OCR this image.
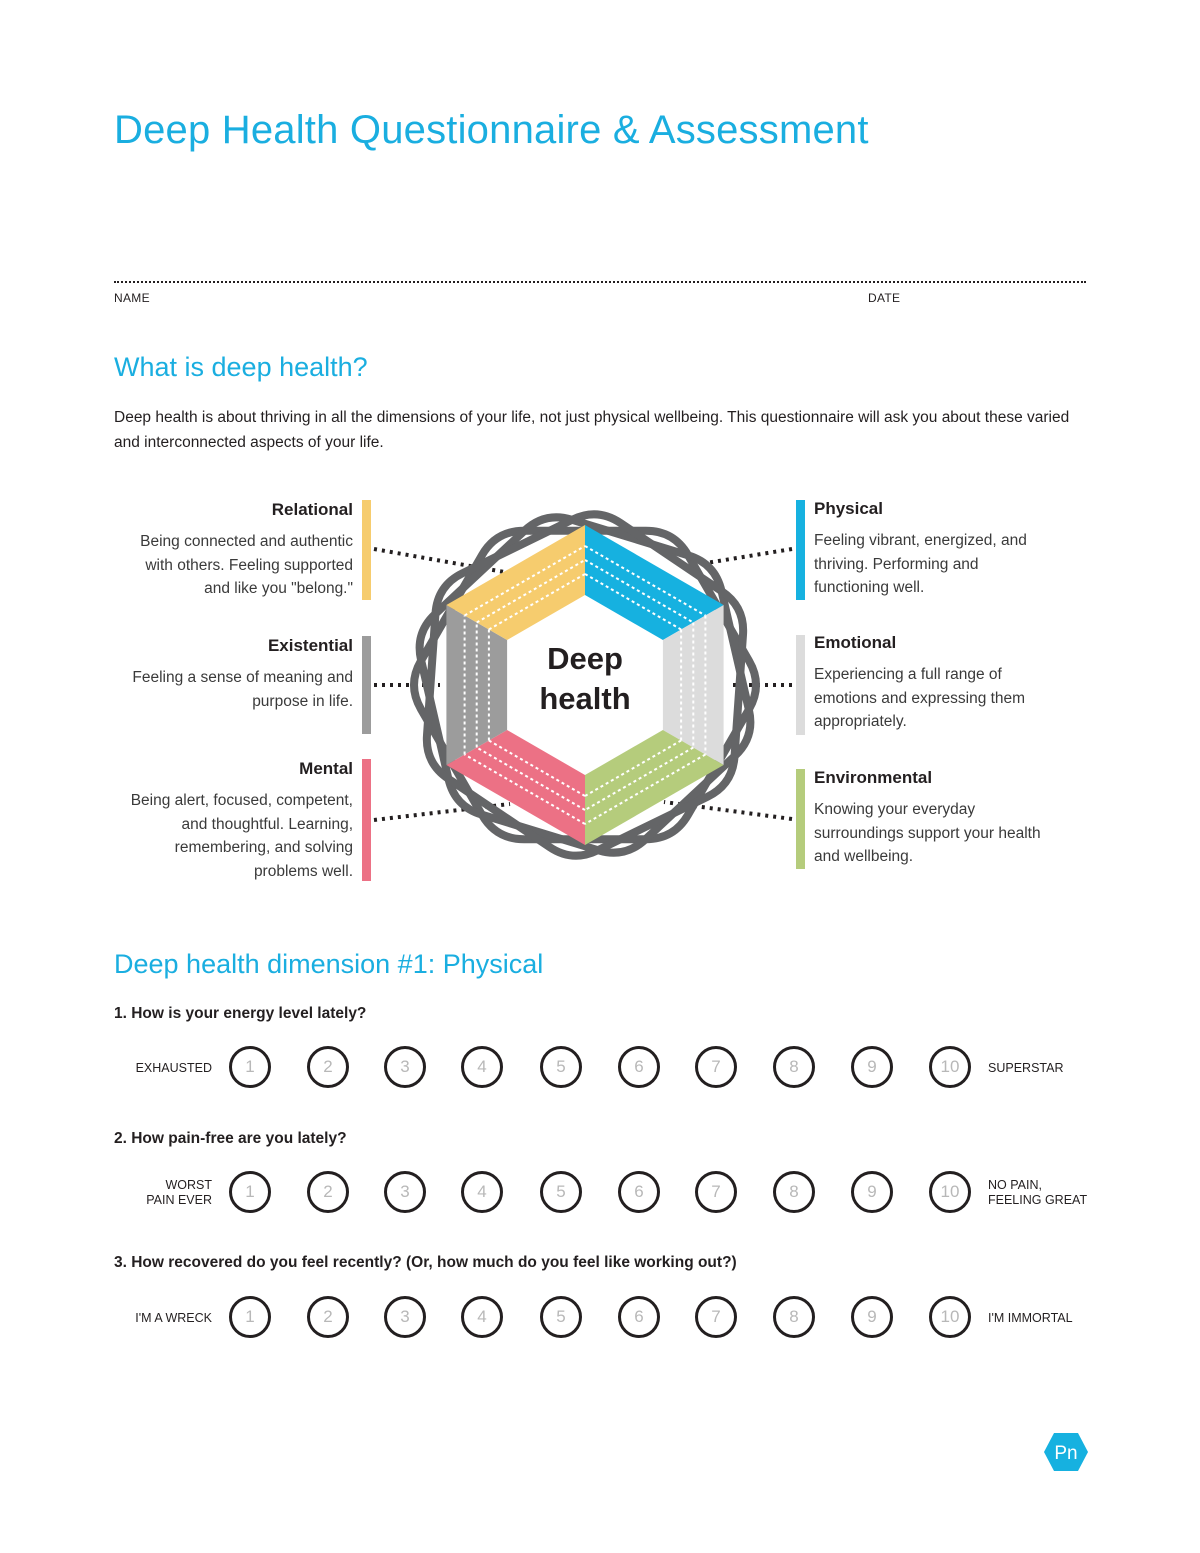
Deep Health Questionnaire & Assessment
NAME	DATE
What is deep health?

Deep health is about thriving in all the dimensions of your life, not just physical wellbeing. This questionnaire will ask you about these varied and interconnected aspects of your life.

Relational

Being connected and authentic with others. Feeling supported and like you "belong."

Existential

Feeling a sense of meaning and purpose in life.

Mental

Being alert, focused, competent, and thoughtful. Learning, remembering, and solving problems well.

Physical

Feeling vibrant, energized, and thriving. Performing and functioning well.

Emotional

Experiencing a full range of emotions and expressing them appropriately.

Environmental

Knowing your everyday surroundings support your health and wellbeing.

Deep
health
Deep health dimension #1: Physical

1. How is your energy level lately?

EXHAUSTED	SUPERSTAR
1	2	3	4	5	6	7	8	9	10

2. How pain-free are you lately?

WORST
PAIN EVER
NO PAIN,
FEELING GREAT
1	2	3	4	5	6	7	8	9	10

3. How recovered do you feel recently? (Or, how much do you feel like working out?)

I'M A WRECK	I'M IMMORTAL
1	2	3	4	5	6	7	8	9	10
Pn
